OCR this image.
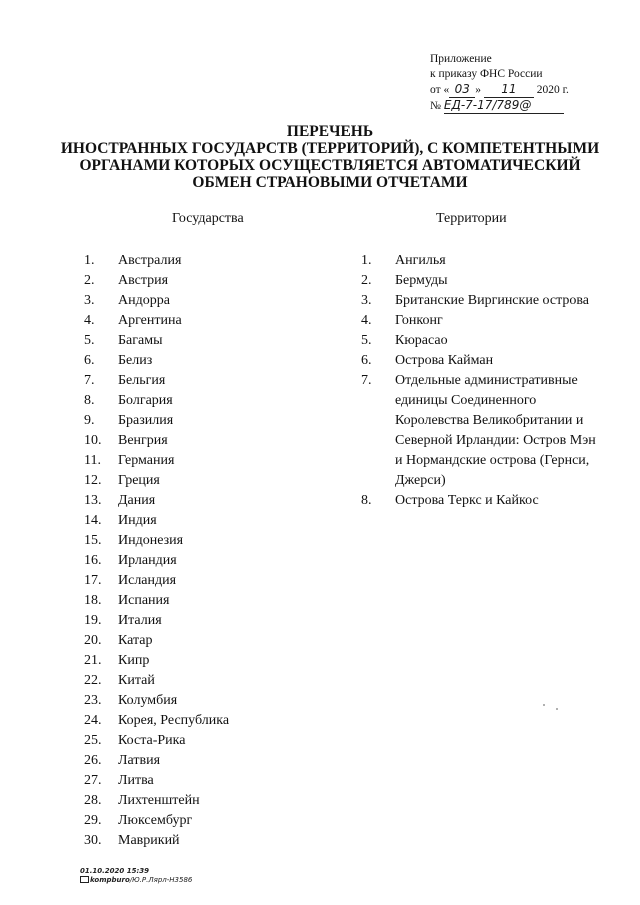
Приложение
к приказу ФНС России
от « 03 » 11 2020 г.
№ ЕД-7-17/789@
ПЕРЕЧЕНЬ
ИНОСТРАННЫХ ГОСУДАРСТВ (ТЕРРИТОРИЙ), С КОМПЕТЕНТНЫМИ
ОРГАНАМИ КОТОРЫХ ОСУЩЕСТВЛЯЕТСЯ АВТОМАТИЧЕСКИЙ
ОБМЕН СТРАНОВЫМИ ОТЧЕТАМИ
Государства	Территории
1.	Австралия
2.	Австрия
3.	Андорра
4.	Аргентина
5.	Багамы
6.	Белиз
7.	Бельгия
8.	Болгария
9.	Бразилия
10.	Венгрия
11.	Германия
12.	Греция
13.	Дания
14.	Индия
15.	Индонезия
16.	Ирландия
17.	Исландия
18.	Испания
19.	Италия
20.	Катар
21.	Кипр
22.	Китай
23.	Колумбия
24.	Корея, Республика
25.	Коста-Рика
26.	Латвия
27.	Литва
28.	Лихтенштейн
29.	Люксембург
30.	Маврикий
1.	Ангилья
2.	Бермуды
3.	Британские Виргинские острова
4.	Гонконг
5.	Кюрасао
6.	Острова Кайман
7.	Отдельные административные единицы Соединенного Королевства Великобритании и Северной Ирландии: Остров Мэн и Нормандские острова (Гернси, Джерси)
8.	Острова Теркс и Кайкос
01.10.2020 15:39
kompburo/Ю.Р.Лярл-Н3586
